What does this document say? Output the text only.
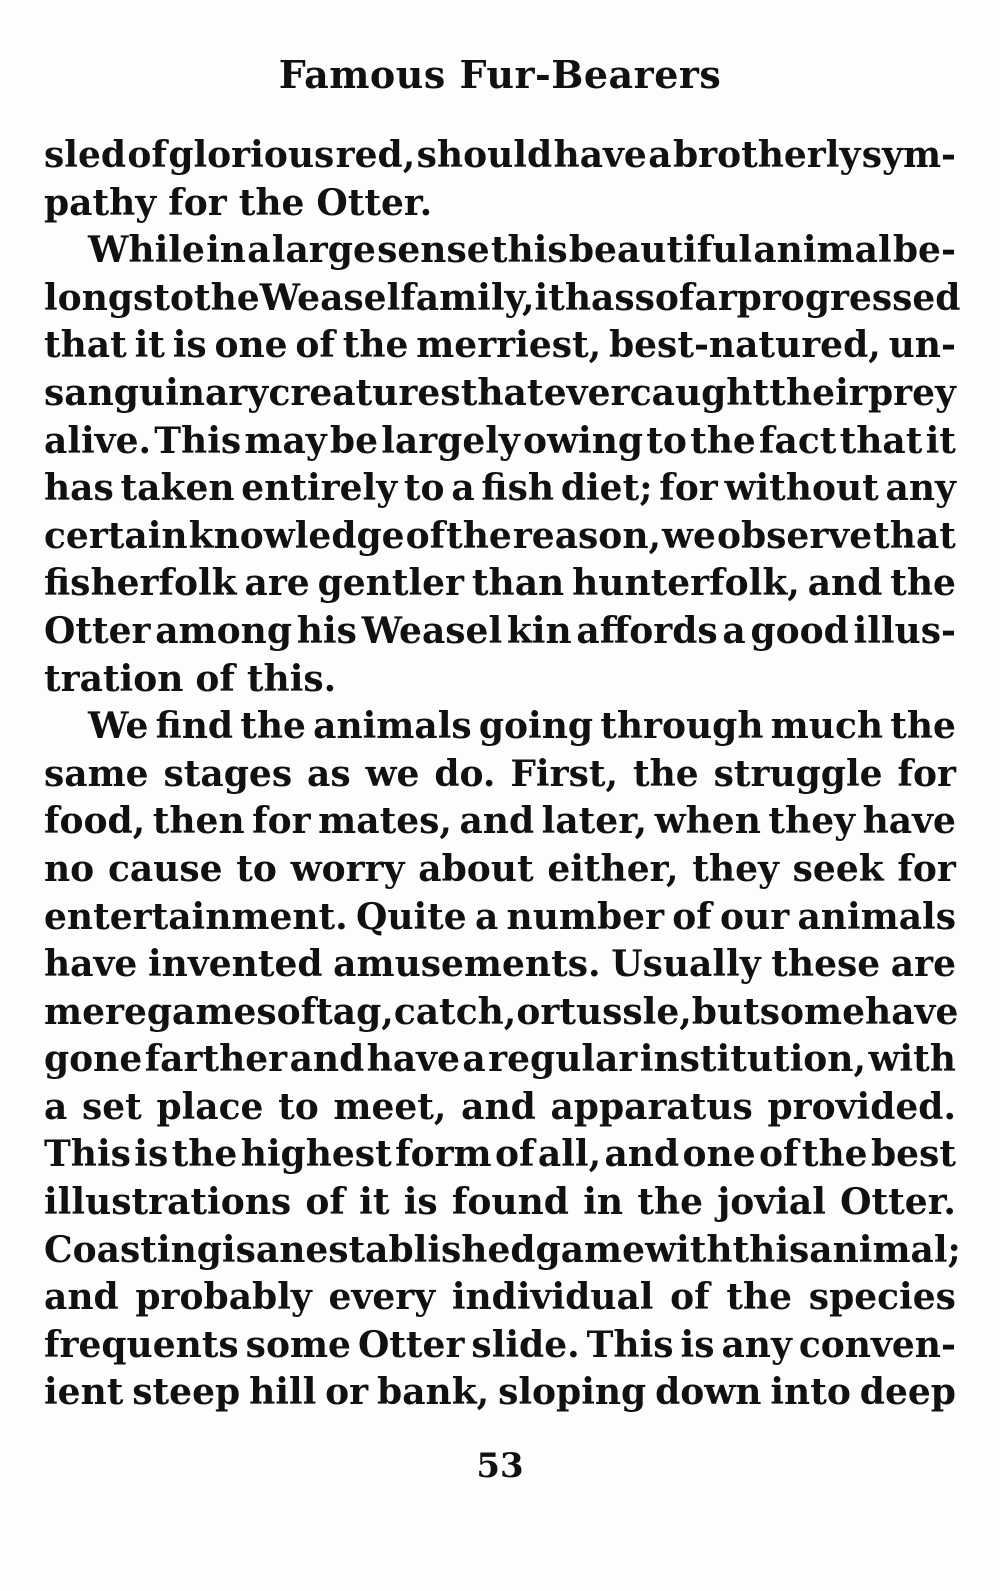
Famous Fur-Bearers
sled of glorious red, should have a brotherly sym-
pathy for the Otter.
While in a large sense this beautiful animal be-
longs to the Weasel family, it has so far progressed
that it is one of the merriest, best-natured, un-
sanguinary creatures that ever caught their prey
alive. This may be largely owing to the fact that it
has taken entirely to a fish diet; for without any
certain knowledge of the reason, we observe that
fisherfolk are gentler than hunterfolk, and the
Otter among his Weasel kin affords a good illus-
tration of this.
We find the animals going through much the
same stages as we do. First, the struggle for
food, then for mates, and later, when they have
no cause to worry about either, they seek for
entertainment. Quite a number of our animals
have invented amusements. Usually these are
mere games of tag, catch, or tussle, but some have
gone farther and have a regular institution, with
a set place to meet, and apparatus provided.
This is the highest form of all, and one of the best
illustrations of it is found in the jovial Otter.
Coasting is an established game with this animal;
and probably every individual of the species
frequents some Otter slide. This is any conven-
ient steep hill or bank, sloping down into deep
53
